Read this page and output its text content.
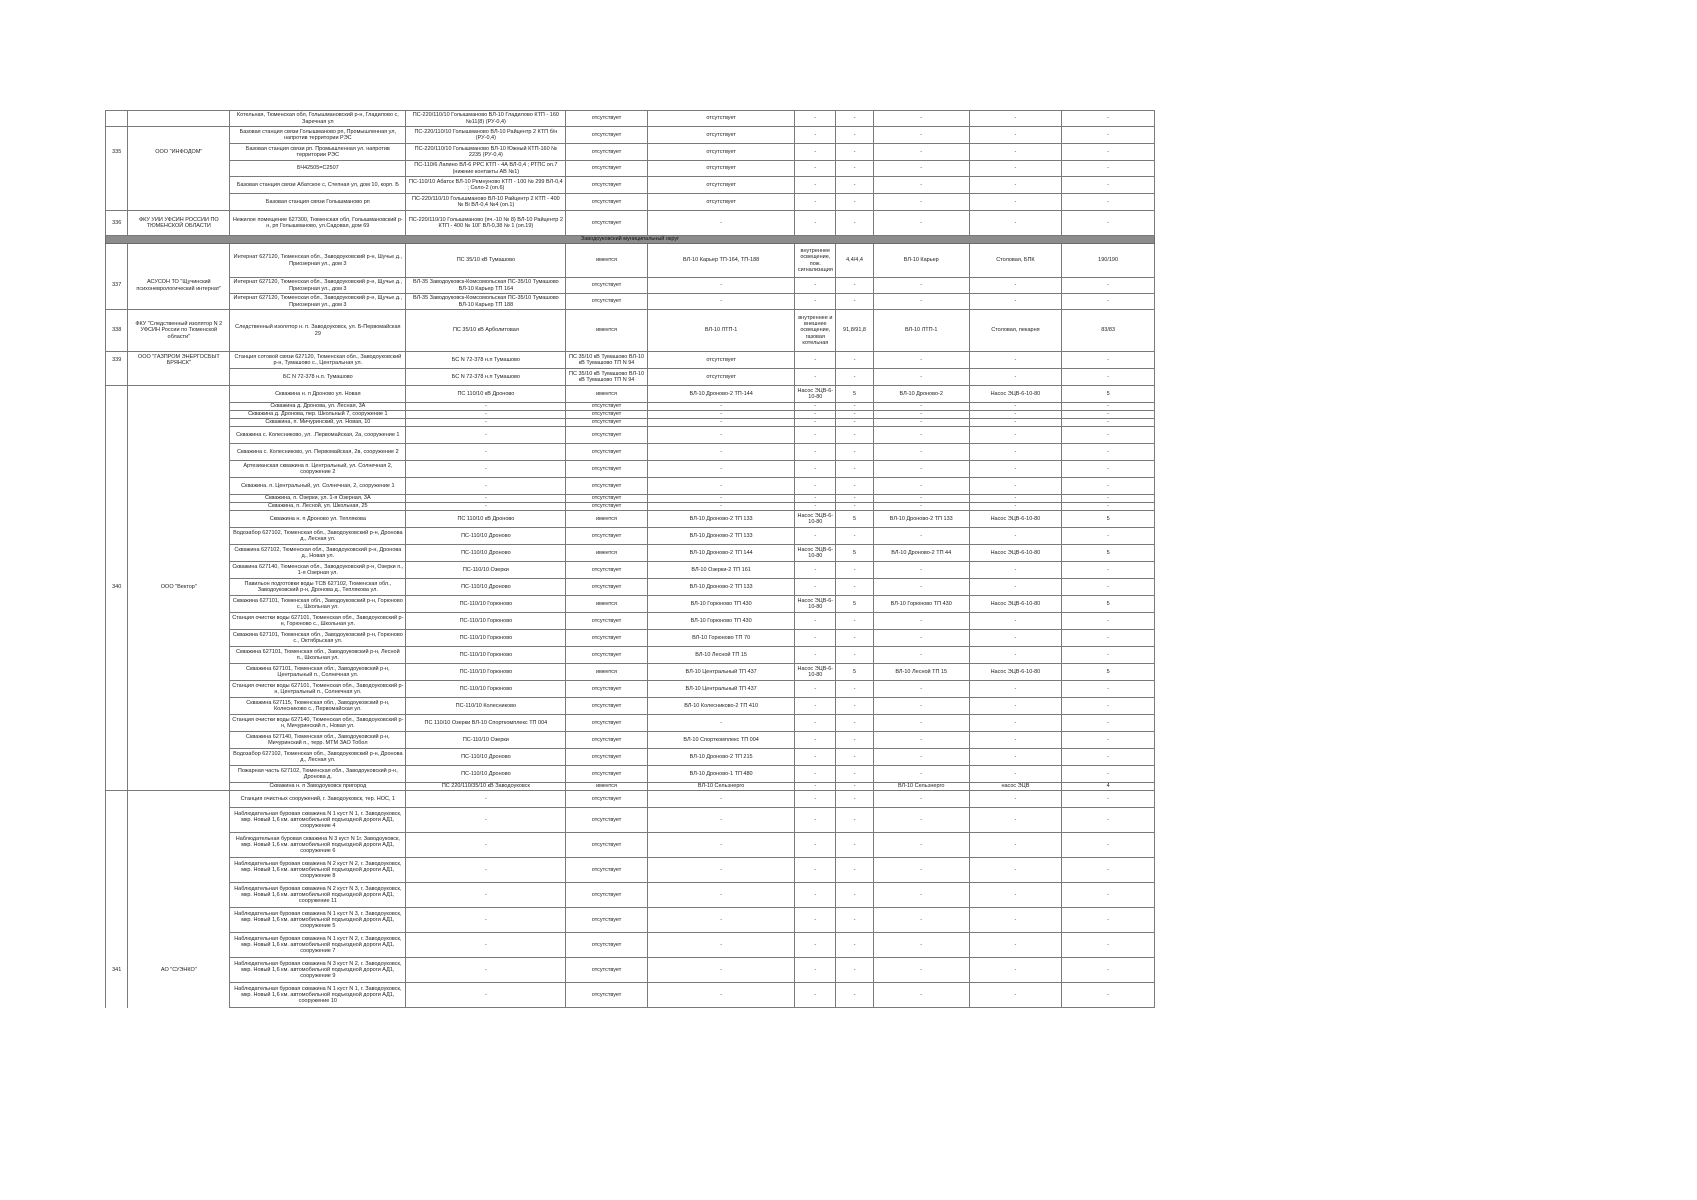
		Котельная, Тюменская обл, Голышмановский р-н, Гладилово с, Заречная ул	ПС-220/110/10 Голышманово ВЛ-10 Гладилово КТП - 160 №11(8) (РУ-0,4)	отсутствует	отсутствует	-	-	-	-	-
		Базовая станция связи Голышманово рп, Промышленная ул, напротив территории РЭС	ПС-220/110/10 Голышманово ВЛ-10 Райцентр 2 КТП б/н (РУ-0,4)	отсутствует	отсутствует	-	-	-	-	-
335	ООО "ИНФОДОМ"	Базовая станция связи рп. Промышленная ул. напротив территории РЭС	ПС-220/110/10 Голышманово ВЛ-10 Южный КТП-160 № 2235 (РУ-0,4)	отсутствует	отсутствует	-	-	-	-	-
		БЧ42505=С2507	ПС-110/6 Лапино ВЛ-6 РРС КТП - 4А ВЛ-0,4 ; РТПС оп.7 (нижние контакты АВ №1)	отсутствует	отсутствует	-	-	-	-	-
		Базовая станция связи Абатское с, Степная ул, дом 10, корп. Б	ПС-110/10 Абатск ВЛ-10 Ремнуново КТП - 100 № 299 ВЛ-0,4 ; Село-2 (оп.6)	отсутствует	отсутствует	-	-	-	-	-
		Базовая станция связи Голышманово рп	ПС-220/110/10 Голышманово ВЛ-10 Райцентр 2 КТП - 400 № Ві ВЛ-0,4 №4 (оп.1)	отсутствует	отсутствует	-	-	-	-	-
336	ФКУ УИИ УФСИН РОССИИ ПО ТЮМЕНСКОЙ ОБЛАСТИ	Нежилое помещение 627300, Тюменская обл, Голышмановский р-н, рп Голышманово, ул.Садовая, дом 69	ПС-220/110/10 Голышманово (яч.-10 № 8) ВЛ-10 Райцентр 2 КТП - 400 № 10Г ВЛ-0,38 № 1 (оп.19)	отсутствует	-	-	-	-	-	-
Заводоуковский муниципальный округ										
		Интернат 627120, Тюменская обл., Заводоуковский р-н, Шучье д., Приозерная ул., дом 3	ПС 35/10 кВ Тумашово	имеется	ВЛ-10 Карьер ТП-164, ТП-188	внутреннее освещение, пож. сигнализация	4,4/4,4	ВЛ-10 Карьер	Столовая, БПК	190/190
337	АСУСОН ТО "Щучинский психоневрологический интернат"	Интернат 627120, Тюменская обл., Заводоуковский р-н, Щучье д., Приозерная ул., дом 3	ВЛ-35 Заводоуковск-Комсомольская ПС-35/10 Тумашово ВЛ-10 Карьер ТП 164	отсутствует	-	-	-	-	-	-
		Интернат 627120, Тюменская обл., Заводоуковский р-н, Щучье д., Приозерная ул., дом 3	ВЛ-35 Заводоуковск-Комсомольская ПС-35/10 Тумашово ВЛ-10 Карьер ТП 188	отсутствует	-	-	-	-	-	-
338	ФКУ "Следственный изолятор N 2 УФСИН России по Тюменской области"	Следственный изолятор н. п. Заводоуковск, ул. Б-Первомайская 29	ПС 35/10 кВ Арболитовая	имеется	ВЛ-10 ЛТП-1	внутреннее и внешнее освещение, газовая котельная	91,8/91,8	ВЛ-10 ЛТП-1	Столовая, пекарня	83/83
339	ООО "ГАЗПРОМ ЭНЕРГОСБЫТ БРЯНСК"	Станция сотовой связи 627120, Тюменская обл., Заводоуковский р-н, Тумашово с., Центральная ул.	БС N 72-378 н.п Тумашово	ПС 35/10 кВ Тумашово ВЛ-10 кВ Тумашово ТП N 94	отсутствует	-	-	-	-	-
		БС N 72-378 н.п. Тумашово	БС N 72-378 н.п Тумашово	ПС 35/10 кВ Тумашово ВЛ-10 кВ Тумашово ТП N 94	отсутствует	-	-	-	-	-
		Скважина н. п Дроново ул. Новая	ПС 110/10 кВ Дроново	имеется	ВЛ-10 Дроново-2 ТП-144	Насос ЭЦВ-6-10-80	5	ВЛ-10 Дроново-2	Насос ЭЦВ-6-10-80	5
		Скважина д. Дронова, ул. Лесная, 3А	-	отсутствует	-	-	-	-	-	-
		Скважина д. Дронова, пер. Школьный 7, сооружение 1	-	отсутствует	-	-	-	-	-	-
		Скважина, п. Мичуринский, ул. Новая, 10	-	отсутствует	-	-	-	-	-	-
		Скважина с. Колесниково, ул. .Первомайская, 2а, сооружение 1	-	отсутствует	-	-	-	-	-	-
		Скважина с. Колесниково, ул. Первомайская, 2в, сооружение 2	-	отсутствует	-	-	-	-	-	-
		Артезианская скважина п. Центральный, ул. Солнечная 2, сооружение 2	-	отсутствует	-	-	-	-	-	-
		Скважина. п. Центральный, ул. Солнечная, 2, сооружение 1	-	отсутствует	-	-	-	-	-	-
		Скважина, п. Озерки, ул. 1-я Озерная, 3А	-	отсутствует	-	-	-	-	-	-
		Скважина, п. Лесной, ул. Школьная, 25	-	отсутствует	-	-	-	-	-	-
		Скважина н. п Дроново ул. Теплякова	ПС 110/10 кВ Дроново	имеется	ВЛ-10 Дроново-2 ТП 133	Насос ЭЦВ-6-10-80	5	ВЛ-10 Дроново-2 ТП 133	Насос ЭЦВ-6-10-80	5
		Водозабор 627102, Тюменская обл., Заводоуковский р-н, Дронова д., Лесная ул.	ПС-110/10 Дроново	отсутствует	ВЛ-10 Дроново-2 ТП 133	-	-	-	-	-
		Скважина 627102, Тюменская обл., Заводоуковский р-н, Дронова д., Новая ул.	ПС-110/10 Дроново	имеется	ВЛ-10 Дроново-2 ТП 144	Насос ЭЦВ-6-10-80	5	ВЛ-10 Дроново-2 ТП 44	Насос ЭЦВ-6-10-80	5
		Скважина 627140, Тюменская обл., Заводоуковский р-н, Озерки п., 1-я Озерная ул.	ПС-110/10 Озерки	отсутствует	ВЛ-10 Озерки-2 ТП 161	-	-	-	-	-
340	ООО "Вектор"	Павильон подготовки воды ТСВ 627102, Тюменская обл., Заводоуковский р-н, Дронова д., Теплякова ул.	ПС-110/10 Дроново	отсутствует	ВЛ-10 Дроново-2 ТП 133	-	-	-	-	-
		Скважина 627101, Тюменская обл., Заводоуковский р-н, Горюново с., Школьная ул.	ПС-110/10 Горюново	имеется	ВЛ-10 Горюново ТП 430	Насос ЭЦВ-6-10-80	5	ВЛ-10 Горюново ТП 430	Насос ЭЦВ-6-10-80	5
		Станция очистки воды 627101, Тюменская обл., Заводоуковский р-н, Горюново с., Школьная ул.	ПС-110/10 Горюново	отсутствует	ВЛ-10 Горюново ТП 430	-	-	-	-	-
		Скважина 627101, Тюменская обл., Заводоуковский р-н, Горюново с., Октябрьская ул.	ПС-110/10 Горюново	отсутствует	ВЛ-10 Горюново ТП 70	-	-	-	-	-
		Скважина 627101, Тюменская обл., Заводоуковский р-н, Лесной п., Школьная ул.	ПС-110/10 Горюново	отсутствует	ВЛ-10 Лесной ТП 15	-	-	-	-	-
		Скважина 627101, Тюменская обл., Заводоуковский р-н, Центральный п., Солнечная ул.	ПС-110/10 Горюново	имеется	ВЛ-10 Центральный ТП 437	Насос ЭЦВ-6-10-80	5	ВЛ-10 Лесной ТП 15	Насос ЭЦВ-6-10-80	5
		Станция очистки воды 627101, Тюменская обл., Заводоуковский р-н, Центральный п., Солнечная ул.	ПС-110/10 Горюново	отсутствует	ВЛ-10 Центральный ТП 437	-	-	-	-	-
		Скважина 627115, Тюменская обл., Заводоуковский р-н, Колесниково с., Первомайская ул.	ПС-110/10 Колесниково	отсутствует	ВЛ-10 Колесниково-2 ТП 410	-	-	-	-	-
		Станция очистки воды 627140, Тюменская обл., Заводоуковский р-н, Мичуринский п., Новая ул.	ПС 110/10 Озерки ВЛ-10 Спорткомплекс ТП 004	отсутствует	-	-	-	-	-	-
		Скважина 627140, Тюменская обл., Заводоуковский р-н, Мичуринский п., терр. МТМ ЗАО Тобол	ПС-110/10 Озерки	отсутствует	ВЛ-10 Спорткомплекс ТП 004	-	-	-	-	-
		Водозабор 627102, Тюменская обл., Заводоуковский р-н, Дронова д., Лесная ул.	ПС-110/10 Дроново	отсутствует	ВЛ-10 Дроново-2 ТП 215	-	-	-	-	-
		Пожарная часть 627102, Тюменская обл., Заводоуковский р-н, Дронова д.	ПС-110/10 Дроново	отсутствует	ВЛ-10 Дроново-1 ТП 480	-	-	-	-	-
		Скважина н. п Заводоуковск пригород	ПС 220/110/35/10 кВ Заводоуковск	имеется	ВЛ-10 Сельэнерго	-	-	ВЛ-10 Сельэнерго	насос ЭЦВ	4
		Станция очистных сооружений, г. Заводоуковск, тер. НОС, 1	-	отсутствует	-	-	-	-	-	-
		Наблюдательная буровая скважина N 1 куст N 1, г. Заводоуковск, мкр. Новый 1,6 км. автомобильной подъездной дороги АД1, сооружение 4	-	отсутствует	-	-	-	-	-	-
		Наблюдательная буровая скважина N 3 куст N 1г. Заводоуковск, мкр. Новый 1,6 км. автомобильной подъездной дороги АД1, сооружение 6	-	отсутствует	-	-	-	-	-	-
		Наблюдательная буровая скважина N 2 куст N 2, г. Заводоуковск, мкр. Новый 1,6 км. автомобильной подъездной дороги АД1, сооружение 8	-	отсутствует	-	-	-	-	-	-
		Наблюдательная буровая скважина N 2 куст N 3, г. Заводоуковск, мкр. Новый 1,6 км. автомобильной подъездной дороги АД1, сооружение 11	-	отсутствует	-	-	-	-	-	-
		Наблюдательная буровая скважина N 1 куст N 3, г. Заводоуковск, мкр. Новый 1,6 км. автомобильной подъездной дороги АД1, сооружение 5	-	отсутствует	-	-	-	-	-	-
		Наблюдательная буровая скважина N 1 куст N 2, г. Заводоуковск, мкр. Новый 1,6 км. автомобильной подъездной дороги АД1, сооружение 7	-	отсутствует	-	-	-	-	-	-
341	АО "СУЭНКО"	Наблюдательная буровая скважина N 3 куст N 2, г. Заводоуковск, мкр. Новый 1,6 км. автомобильной подъездной дороги АД1, сооружение 9	-	отсутствует	-	-	-	-	-	-
		Наблюдательная буровая скважина N 1 куст N 1, г. Заводоуковск, мкр. Новый 1,6 км. автомобильной подъездной дороги АД1, сооружение 10	-	отсутствует	-	-	-	-	-	-
